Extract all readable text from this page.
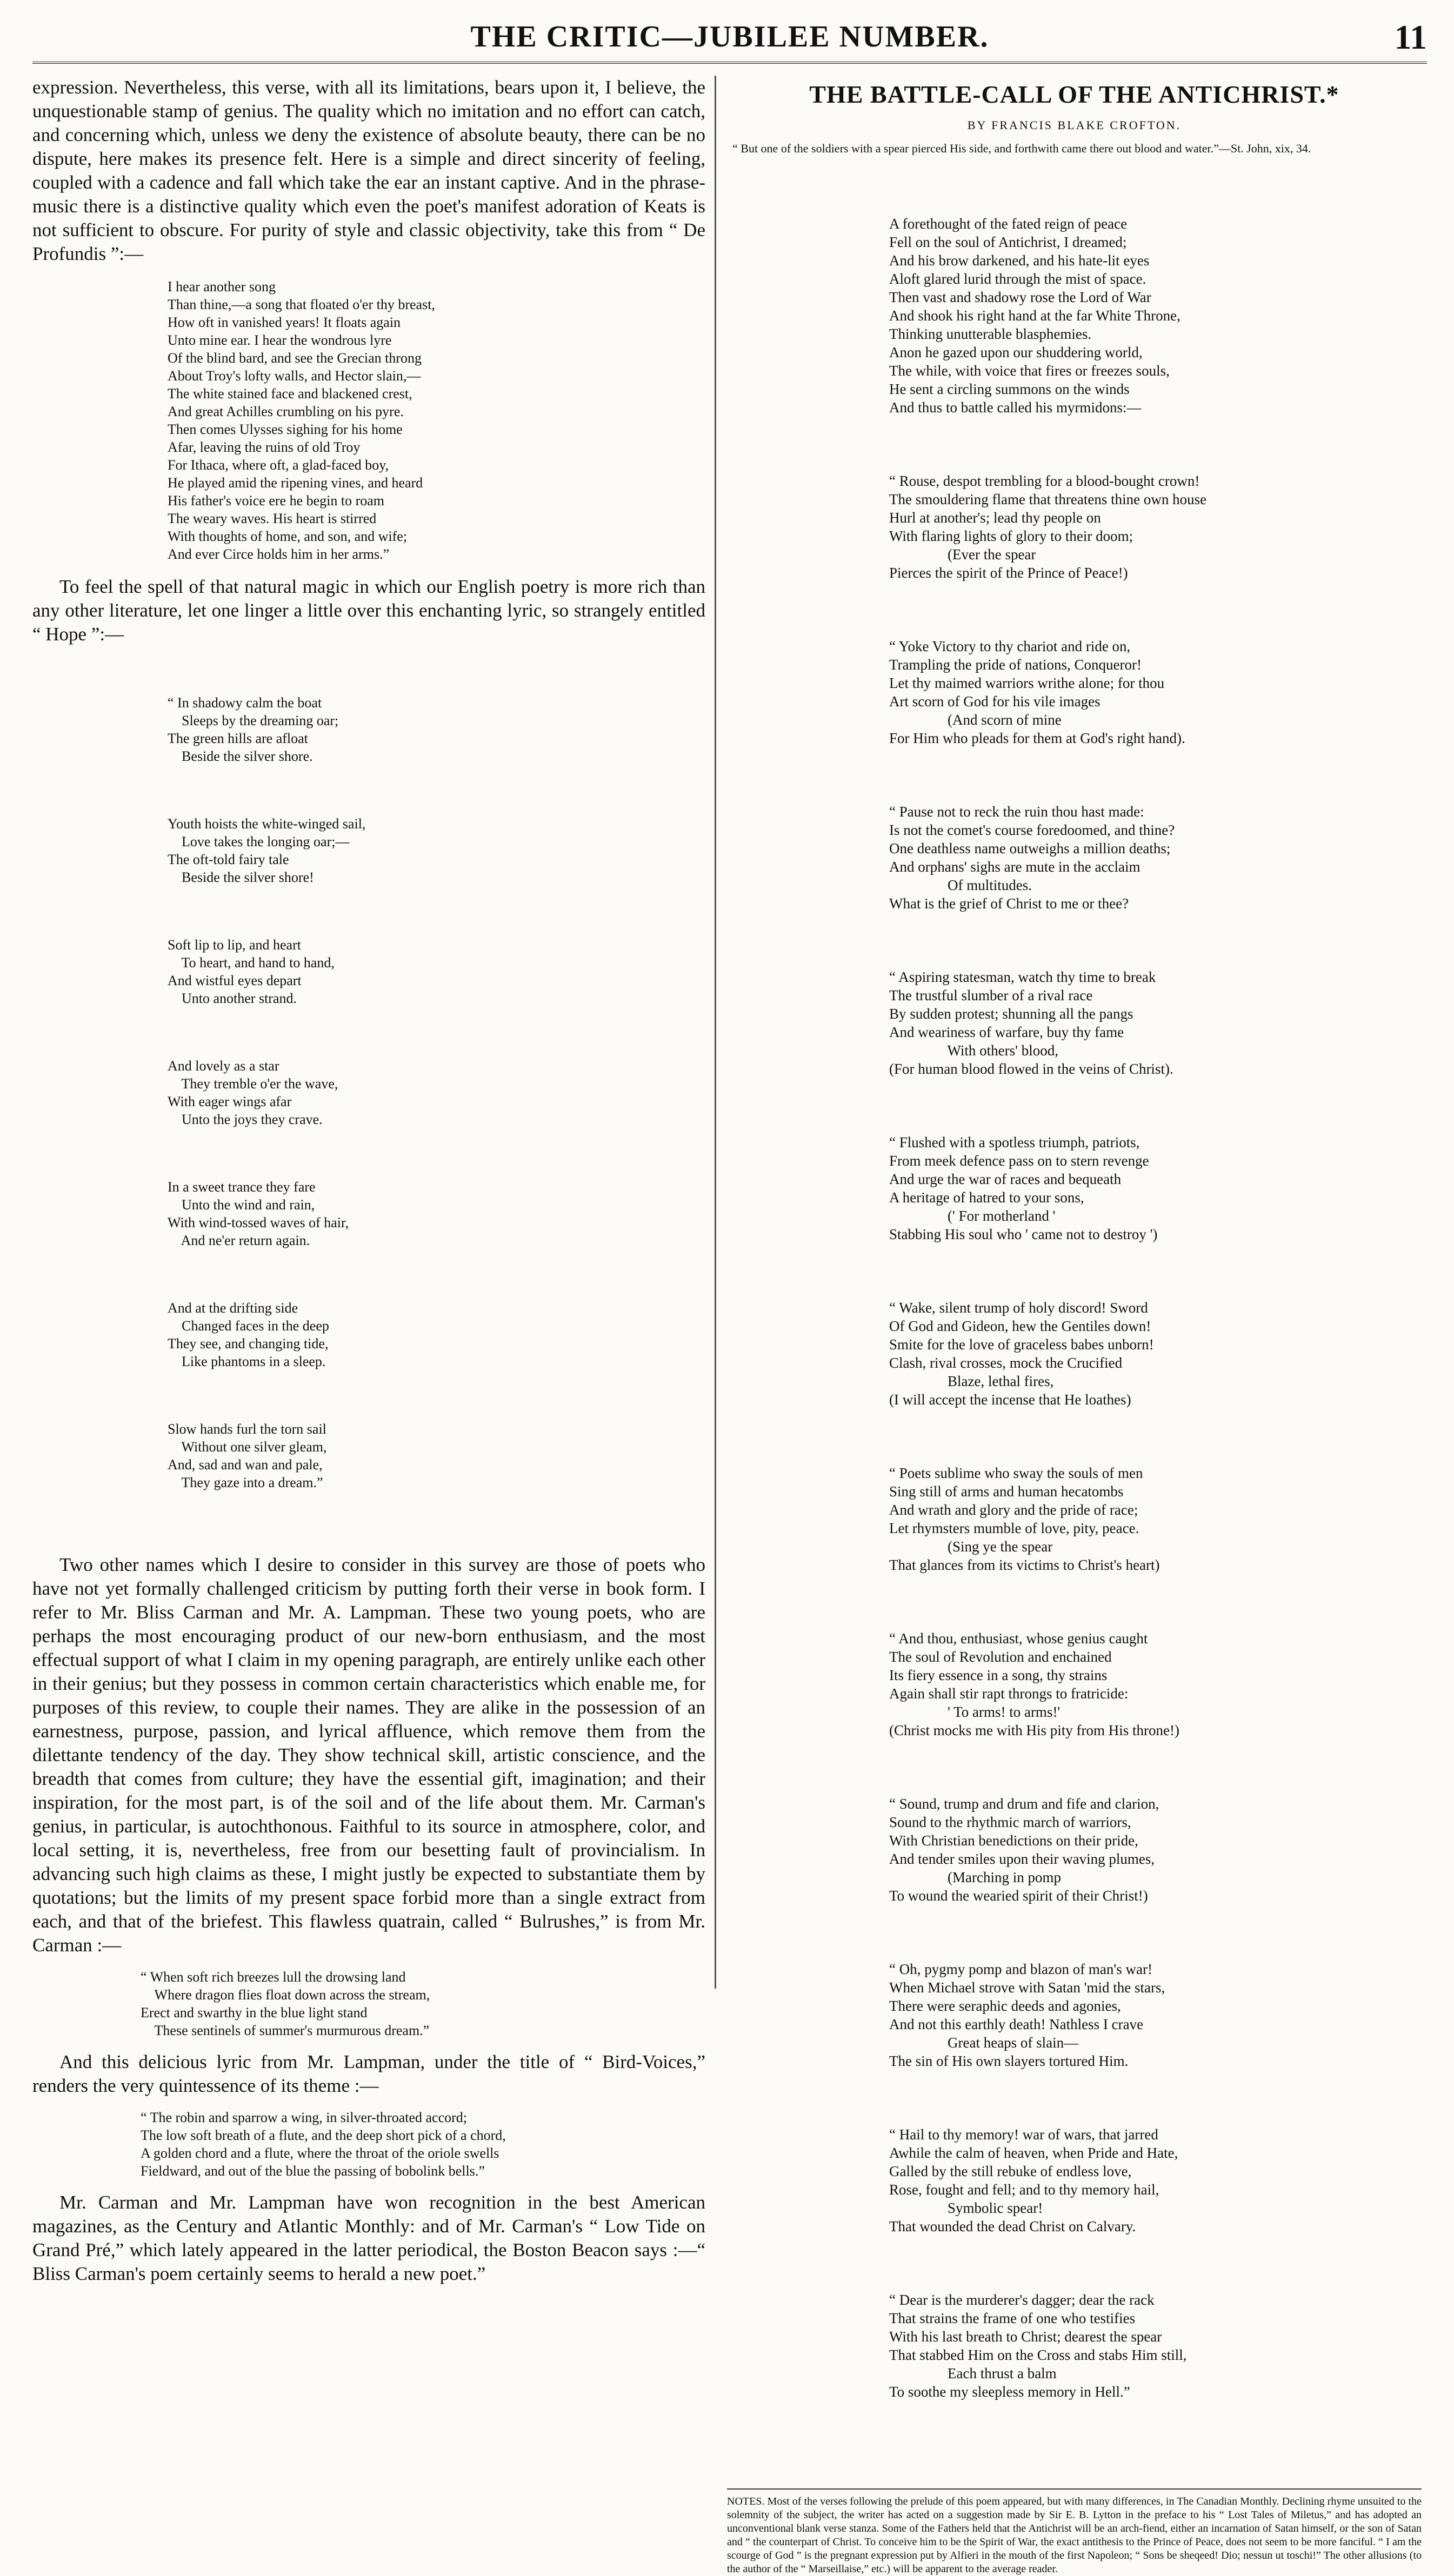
THE CRITIC—JUBILEE NUMBER.	11

expression. Nevertheless, this verse, with all its limitations, bears upon it, I believe, the unquestionable stamp of genius. The quality which no imitation and no effort can catch, and concerning which, unless we deny the existence of absolute beauty, there can be no dispute, here makes its presence felt. Here is a simple and direct sincerity of feeling, coupled with a cadence and fall which take the ear an instant captive. And in the phrase-music there is a distinctive quality which even the poet's manifest adoration of Keats is not sufficient to obscure. For purity of style and classic objectivity, take this from “ De Profundis ”:—

I hear another song
Than thine,—a song that floated o'er thy breast,
How oft in vanished years! It floats again
Unto mine ear. I hear the wondrous lyre
Of the blind bard, and see the Grecian throng
About Troy's lofty walls, and Hector slain,—
The white stained face and blackened crest,
And great Achilles crumbling on his pyre.
Then comes Ulysses sighing for his home
Afar, leaving the ruins of old Troy
For Ithaca, where oft, a glad-faced boy,
He played amid the ripening vines, and heard
His father's voice ere he begin to roam
The weary waves. His heart is stirred
With thoughts of home, and son, and wife;
And ever Circe holds him in her arms.”

To feel the spell of that natural magic in which our English poetry is more rich than any other literature, let one linger a little over this enchanting lyric, so strangely entitled “ Hope ”:—

“ In shadowy calm the boat
Sleeps by the dreaming oar;
The green hills are afloat
Beside the silver shore.

Youth hoists the white-winged sail,
Love takes the longing oar;—
The oft-told fairy tale
Beside the silver shore!

Soft lip to lip, and heart
To heart, and hand to hand,
And wistful eyes depart
Unto another strand.

And lovely as a star
They tremble o'er the wave,
With eager wings afar
Unto the joys they crave.

In a sweet trance they fare
Unto the wind and rain,
With wind-tossed waves of hair,
And ne'er return again.

And at the drifting side
Changed faces in the deep
They see, and changing tide,
Like phantoms in a sleep.

Slow hands furl the torn sail
Without one silver gleam,
And, sad and wan and pale,
They gaze into a dream.”

Two other names which I desire to consider in this survey are those of poets who have not yet formally challenged criticism by putting forth their verse in book form. I refer to Mr. Bliss Carman and Mr. A. Lampman. These two young poets, who are perhaps the most encouraging product of our new-born enthusiasm, and the most effectual support of what I claim in my opening paragraph, are entirely unlike each other in their genius; but they possess in common certain characteristics which enable me, for purposes of this review, to couple their names. They are alike in the possession of an earnestness, purpose, passion, and lyrical affluence, which remove them from the dilettante tendency of the day. They show technical skill, artistic conscience, and the breadth that comes from culture; they have the essential gift, imagination; and their inspiration, for the most part, is of the soil and of the life about them. Mr. Carman's genius, in particular, is autochthonous. Faithful to its source in atmosphere, color, and local setting, it is, nevertheless, free from our besetting fault of provincialism. In advancing such high claims as these, I might justly be expected to substantiate them by quotations; but the limits of my present space forbid more than a single extract from each, and that of the briefest. This flawless quatrain, called “ Bulrushes,” is from Mr. Carman :—

“ When soft rich breezes lull the drowsing land
Where dragon flies float down across the stream,
Erect and swarthy in the blue light stand
These sentinels of summer's murmurous dream.”

And this delicious lyric from Mr. Lampman, under the title of “ Bird-Voices,” renders the very quintessence of its theme :—

“ The robin and sparrow a wing, in silver-throated accord;
The low soft breath of a flute, and the deep short pick of a chord,
A golden chord and a flute, where the throat of the oriole swells
Fieldward, and out of the blue the passing of bobolink bells.”

Mr. Carman and Mr. Lampman have won recognition in the best American magazines, as the Century and Atlantic Monthly: and of Mr. Carman's “ Low Tide on Grand Pré,” which lately appeared in the latter periodical, the Boston Beacon says :—“ Bliss Carman's poem certainly seems to herald a new poet.”

THE BATTLE-CALL OF THE ANTICHRIST.*
BY FRANCIS BLAKE CROFTON.
“ But one of the soldiers with a spear pierced His side, and forthwith came there out blood and water.”—St. John, xix, 34.

A forethought of the fated reign of peace
Fell on the soul of Antichrist, I dreamed;
And his brow darkened, and his hate-lit eyes
Aloft glared lurid through the mist of space.
Then vast and shadowy rose the Lord of War
And shook his right hand at the far White Throne,
Thinking unutterable blasphemies.
Anon he gazed upon our shuddering world,
The while, with voice that fires or freezes souls,
He sent a circling summons on the winds
And thus to battle called his myrmidons:—

“ Rouse, despot trembling for a blood-bought crown!
The smouldering flame that threatens thine own house
Hurl at another's; lead thy people on
With flaring lights of glory to their doom;
(Ever the spear
Pierces the spirit of the Prince of Peace!)

“ Yoke Victory to thy chariot and ride on,
Trampling the pride of nations, Conqueror!
Let thy maimed warriors writhe alone; for thou
Art scorn of God for his vile images
(And scorn of mine
For Him who pleads for them at God's right hand).

“ Pause not to reck the ruin thou hast made:
Is not the comet's course foredoomed, and thine?
One deathless name outweighs a million deaths;
And orphans' sighs are mute in the acclaim
Of multitudes.
What is the grief of Christ to me or thee?

“ Aspiring statesman, watch thy time to break
The trustful slumber of a rival race
By sudden protest; shunning all the pangs
And weariness of warfare, buy thy fame
With others' blood,
(For human blood flowed in the veins of Christ).

“ Flushed with a spotless triumph, patriots,
From meek defence pass on to stern revenge
And urge the war of races and bequeath
A heritage of hatred to your sons,
(' For motherland '
Stabbing His soul who ' came not to destroy ')

“ Wake, silent trump of holy discord! Sword
Of God and Gideon, hew the Gentiles down!
Smite for the love of graceless babes unborn!
Clash, rival crosses, mock the Crucified
Blaze, lethal fires,
(I will accept the incense that He loathes)

“ Poets sublime who sway the souls of men
Sing still of arms and human hecatombs
And wrath and glory and the pride of race;
Let rhymsters mumble of love, pity, peace.
(Sing ye the spear
That glances from its victims to Christ's heart)

“ And thou, enthusiast, whose genius caught
The soul of Revolution and enchained
Its fiery essence in a song, thy strains
Again shall stir rapt throngs to fratricide:
' To arms! to arms!'
(Christ mocks me with His pity from His throne!)

“ Sound, trump and drum and fife and clarion,
Sound to the rhythmic march of warriors,
With Christian benedictions on their pride,
And tender smiles upon their waving plumes,
(Marching in pomp
To wound the wearied spirit of their Christ!)

“ Oh, pygmy pomp and blazon of man's war!
When Michael strove with Satan 'mid the stars,
There were seraphic deeds and agonies,
And not this earthly death! Nathless I crave
Great heaps of slain—
The sin of His own slayers tortured Him.

“ Hail to thy memory! war of wars, that jarred
Awhile the calm of heaven, when Pride and Hate,
Galled by the still rebuke of endless love,
Rose, fought and fell; and to thy memory hail,
Symbolic spear!
That wounded the dead Christ on Calvary.

“ Dear is the murderer's dagger; dear the rack
That strains the frame of one who testifies
With his last breath to Christ; dearest the spear
That stabbed Him on the Cross and stabs Him still,
Each thrust a balm
To soothe my sleepless memory in Hell.”

NOTES. Most of the verses following the prelude of this poem appeared, but with many differences, in The Canadian Monthly. Declining rhyme unsuited to the solemnity of the subject, the writer has acted on a suggestion made by Sir E. B. Lytton in the preface to his “ Lost Tales of Miletus,” and has adopted an unconventional blank verse stanza. Some of the Fathers held that the Antichrist will be an arch-fiend, either an incarnation of Satan himself, or the son of Satan and “ the counterpart of Christ. To conceive him to be the Spirit of War, the exact antithesis to the Prince of Peace, does not seem to be more fanciful. “ I am the scourge of God ” is the pregnant expression put by Alfieri in the mouth of the first Napoleon; “ Sons be sheqeed! Dio; nessun ut toschi!” The other allusions (to the author of the “ Marseillaise,” etc.) will be apparent to the average reader.
